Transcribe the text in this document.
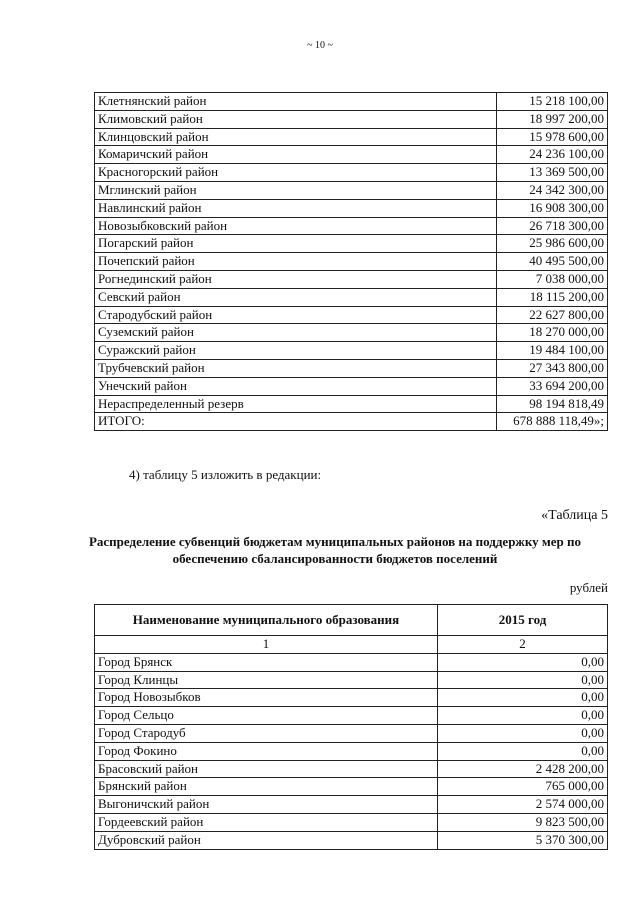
~ 10 ~
Клетнянский район	15 218 100,00
Климовский район	18 997 200,00
Клинцовский район	15 978 600,00
Комаричский район	24 236 100,00
Красногорский район	13 369 500,00
Мглинский район	24 342 300,00
Навлинский район	16 908 300,00
Новозыбковский район	26 718 300,00
Погарский район	25 986 600,00
Почепский район	40 495 500,00
Рогнединский район	7 038 000,00
Севский район	18 115 200,00
Стародубский район	22 627 800,00
Суземский район	18 270 000,00
Суражский район	19 484 100,00
Трубчевский район	27 343 800,00
Унечский район	33 694 200,00
Нераспределенный резерв	98 194 818,49
ИТОГО:	678 888 118,49»;
4) таблицу 5 изложить в редакции:
«Таблица 5
Распределение субвенций бюджетам муниципальных районов на поддержку мер по обеспечению сбалансированности бюджетов поселений
рублей
Наименование муниципального образования	2015 год
1	2
Город Брянск	0,00
Город Клинцы	0,00
Город Новозыбков	0,00
Город Сельцо	0,00
Город Стародуб	0,00
Город Фокино	0,00
Брасовский район	2 428 200,00
Брянский район	765 000,00
Выгоничский район	2 574 000,00
Гордеевский район	9 823 500,00
Дубровский район	5 370 300,00
